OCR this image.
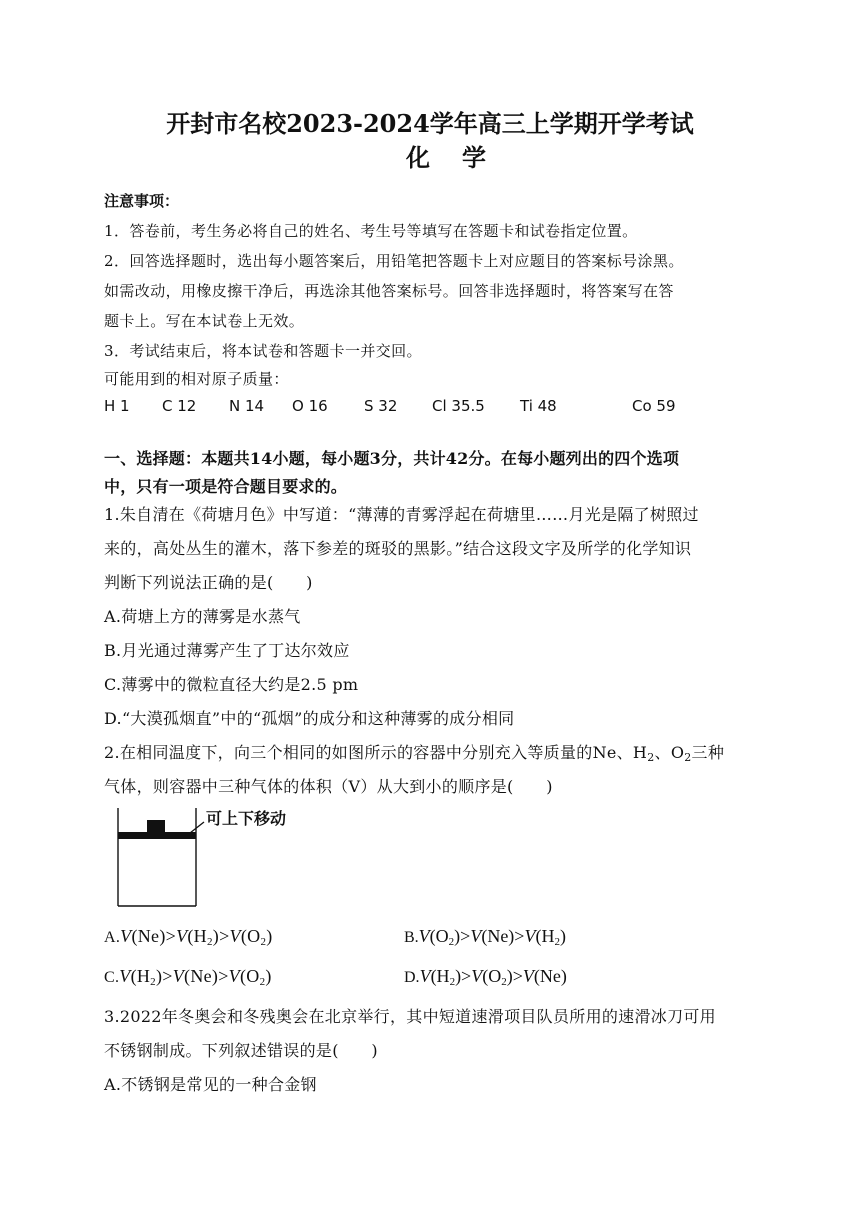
开封市名校2023-2024学年高三上学期开学考试
化学
注意事项：
1．答卷前，考生务必将自己的姓名、考生号等填写在答题卡和试卷指定位置。
2．回答选择题时，选出每小题答案后，用铅笔把答题卡上对应题目的答案标号涂黑。
如需改动，用橡皮擦干净后，再选涂其他答案标号。回答非选择题时，将答案写在答
题卡上。写在本试卷上无效。
3．考试结束后，将本试卷和答题卡一并交回。
可能用到的相对原子质量：
H 1 C 12 N 14 O 16 S 32 Cl 35.5 Ti 48	Co 59
一、选择题：本题共14小题，每小题3分，共计42分。在每小题列出的四个选项
中，只有一项是符合题目要求的。
1.朱自清在《荷塘月色》中写道：“薄薄的青雾浮起在荷塘里……月光是隔了树照过
来的，高处丛生的灌木，落下参差的斑驳的黑影。”结合这段文字及所学的化学知识
判断下列说法正确的是(　　)
A.荷塘上方的薄雾是水蒸气
B.月光通过薄雾产生了丁达尔效应
C.薄雾中的微粒直径大约是2.5 pm
D.“大漠孤烟直”中的“孤烟”的成分和这种薄雾的成分相同
2.在相同温度下，向三个相同的如图所示的容器中分别充入等质量的Ne、$H_2$、$O_2$三种
气体，则容器中三种气体的体积（V）从大到小的顺序是(　　)
可上下移动
$A.V(Ne)>V(H_2)>V(O_2)$	$B.V(O_2)>V(Ne)>V(H_2)$
$C.V(H_2)>V(Ne)>V(O_2)$	$D.V(H_2)>V(O_2)>V(Ne)$
3.2022年冬奥会和冬残奥会在北京举行，其中短道速滑项目队员所用的速滑冰刀可用
不锈钢制成。下列叙述错误的是(　　)
A.不锈钢是常见的一种合金钢
